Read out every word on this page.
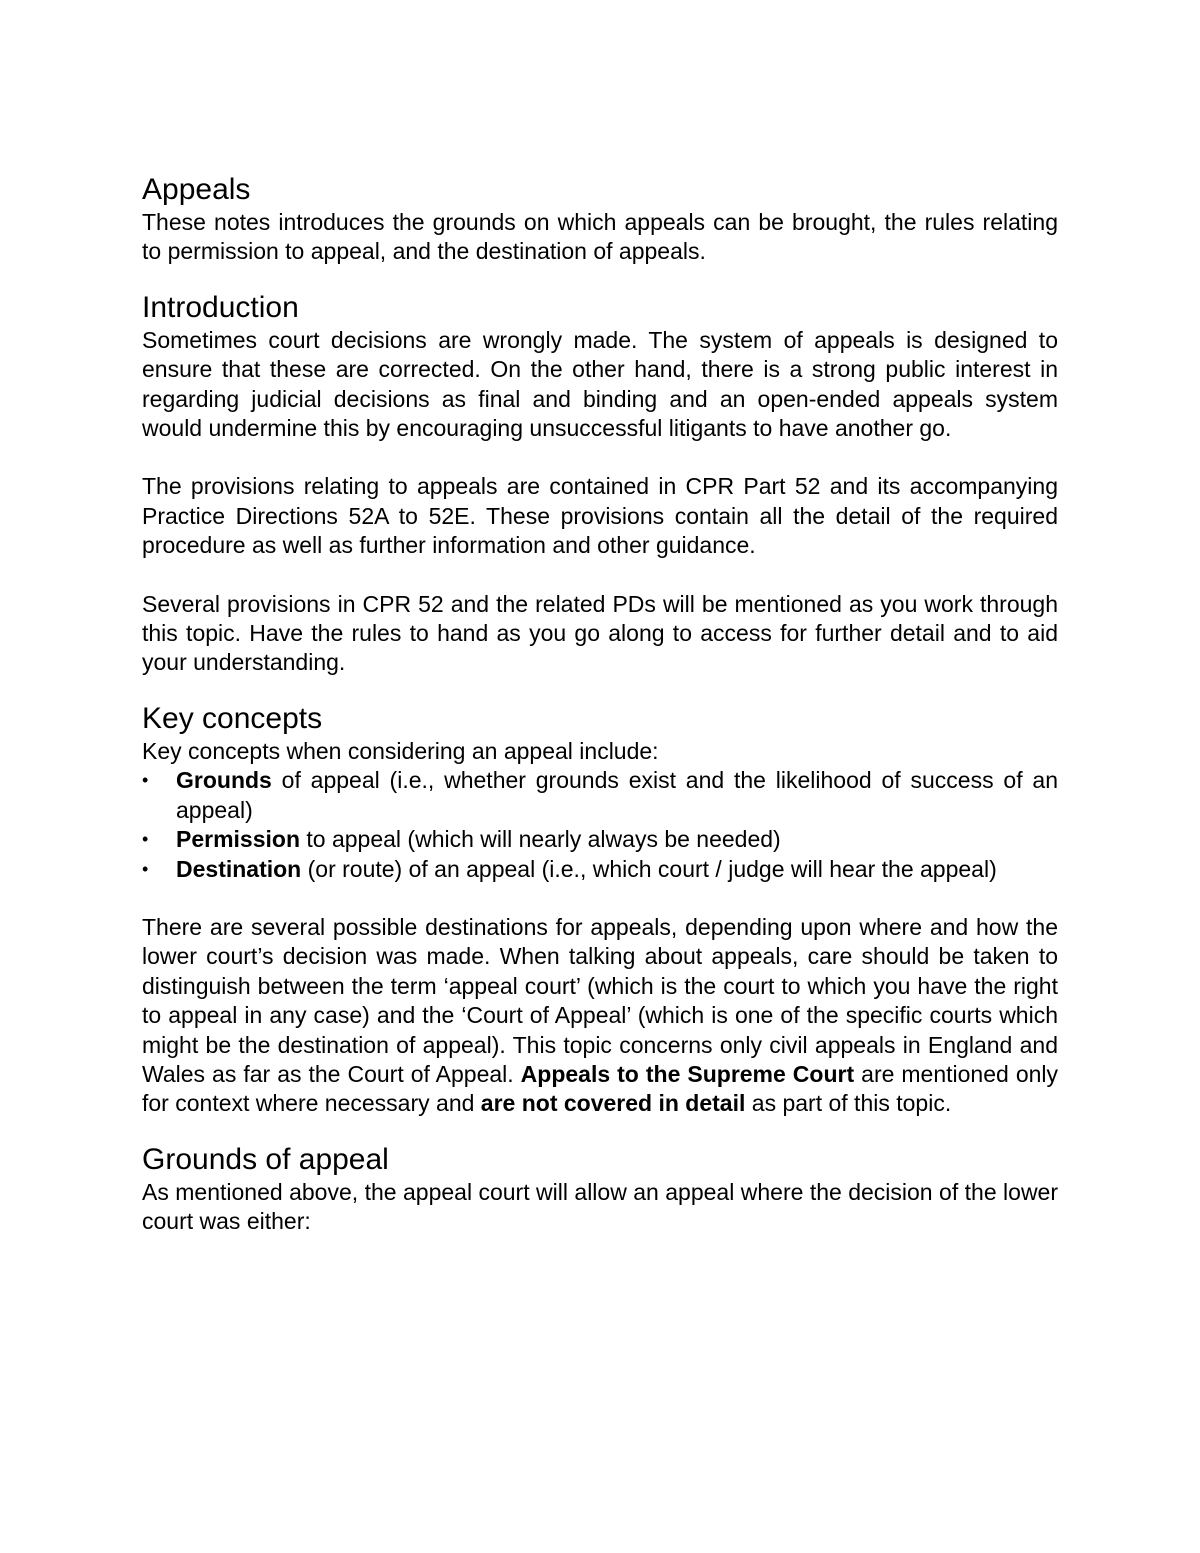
Appeals

These notes introduces the grounds on which appeals can be brought, the rules relating to permission to appeal, and the destination of appeals.

Introduction

Sometimes court decisions are wrongly made. The system of appeals is designed to ensure that these are corrected. On the other hand, there is a strong public interest in regarding judicial decisions as final and binding and an open-ended appeals system would undermine this by encouraging unsuccessful litigants to have another go.

The provisions relating to appeals are contained in CPR Part 52 and its accompanying Practice Directions 52A to 52E. These provisions contain all the detail of the required procedure as well as further information and other guidance.

Several provisions in CPR 52 and the related PDs will be mentioned as you work through this topic. Have the rules to hand as you go along to access for further detail and to aid your understanding.

Key concepts

Key concepts when considering an appeal include:

•	Grounds of appeal (i.e., whether grounds exist and the likelihood of success of an appeal)
•	Permission to appeal (which will nearly always be needed)
•	Destination (or route) of an appeal (i.e., which court / judge will hear the appeal)

There are several possible destinations for appeals, depending upon where and how the lower court’s decision was made. When talking about appeals, care should be taken to distinguish between the term ‘appeal court’ (which is the court to which you have the right to appeal in any case) and the ‘Court of Appeal’ (which is one of the specific courts which might be the destination of appeal). This topic concerns only civil appeals in England and Wales as far as the Court of Appeal. Appeals to the Supreme Court are mentioned only for context where necessary and are not covered in detail as part of this topic.

Grounds of appeal

As mentioned above, the appeal court will allow an appeal where the decision of the lower court was either:
